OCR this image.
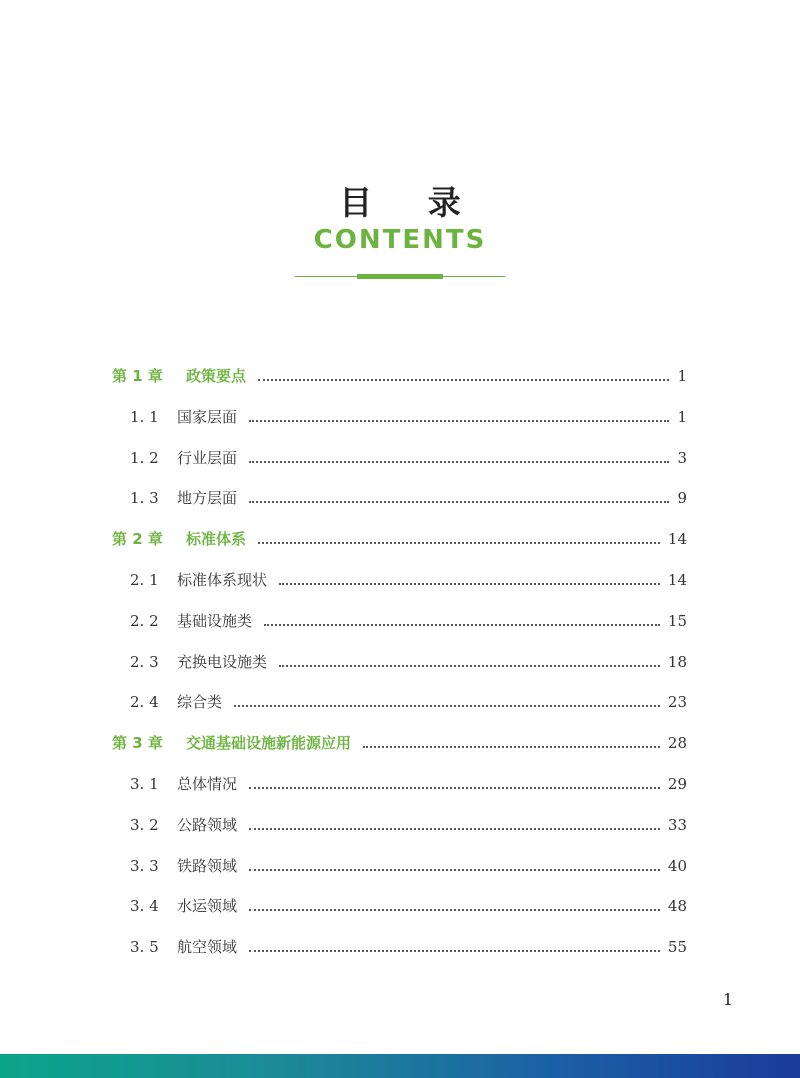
目 录
CONTENTS
第 1 章 政策要点	1
1. 1 国家层面	1
1. 2 行业层面	3
1. 3 地方层面	9
第 2 章 标准体系	14
2. 1 标准体系现状	14
2. 2 基础设施类	15
2. 3 充换电设施类	18
2. 4 综合类	23
第 3 章 交通基础设施新能源应用	28
3. 1 总体情况	29
3. 2 公路领域	33
3. 3 铁路领域	40
3. 4 水运领域	48
3. 5 航空领域	55
1
